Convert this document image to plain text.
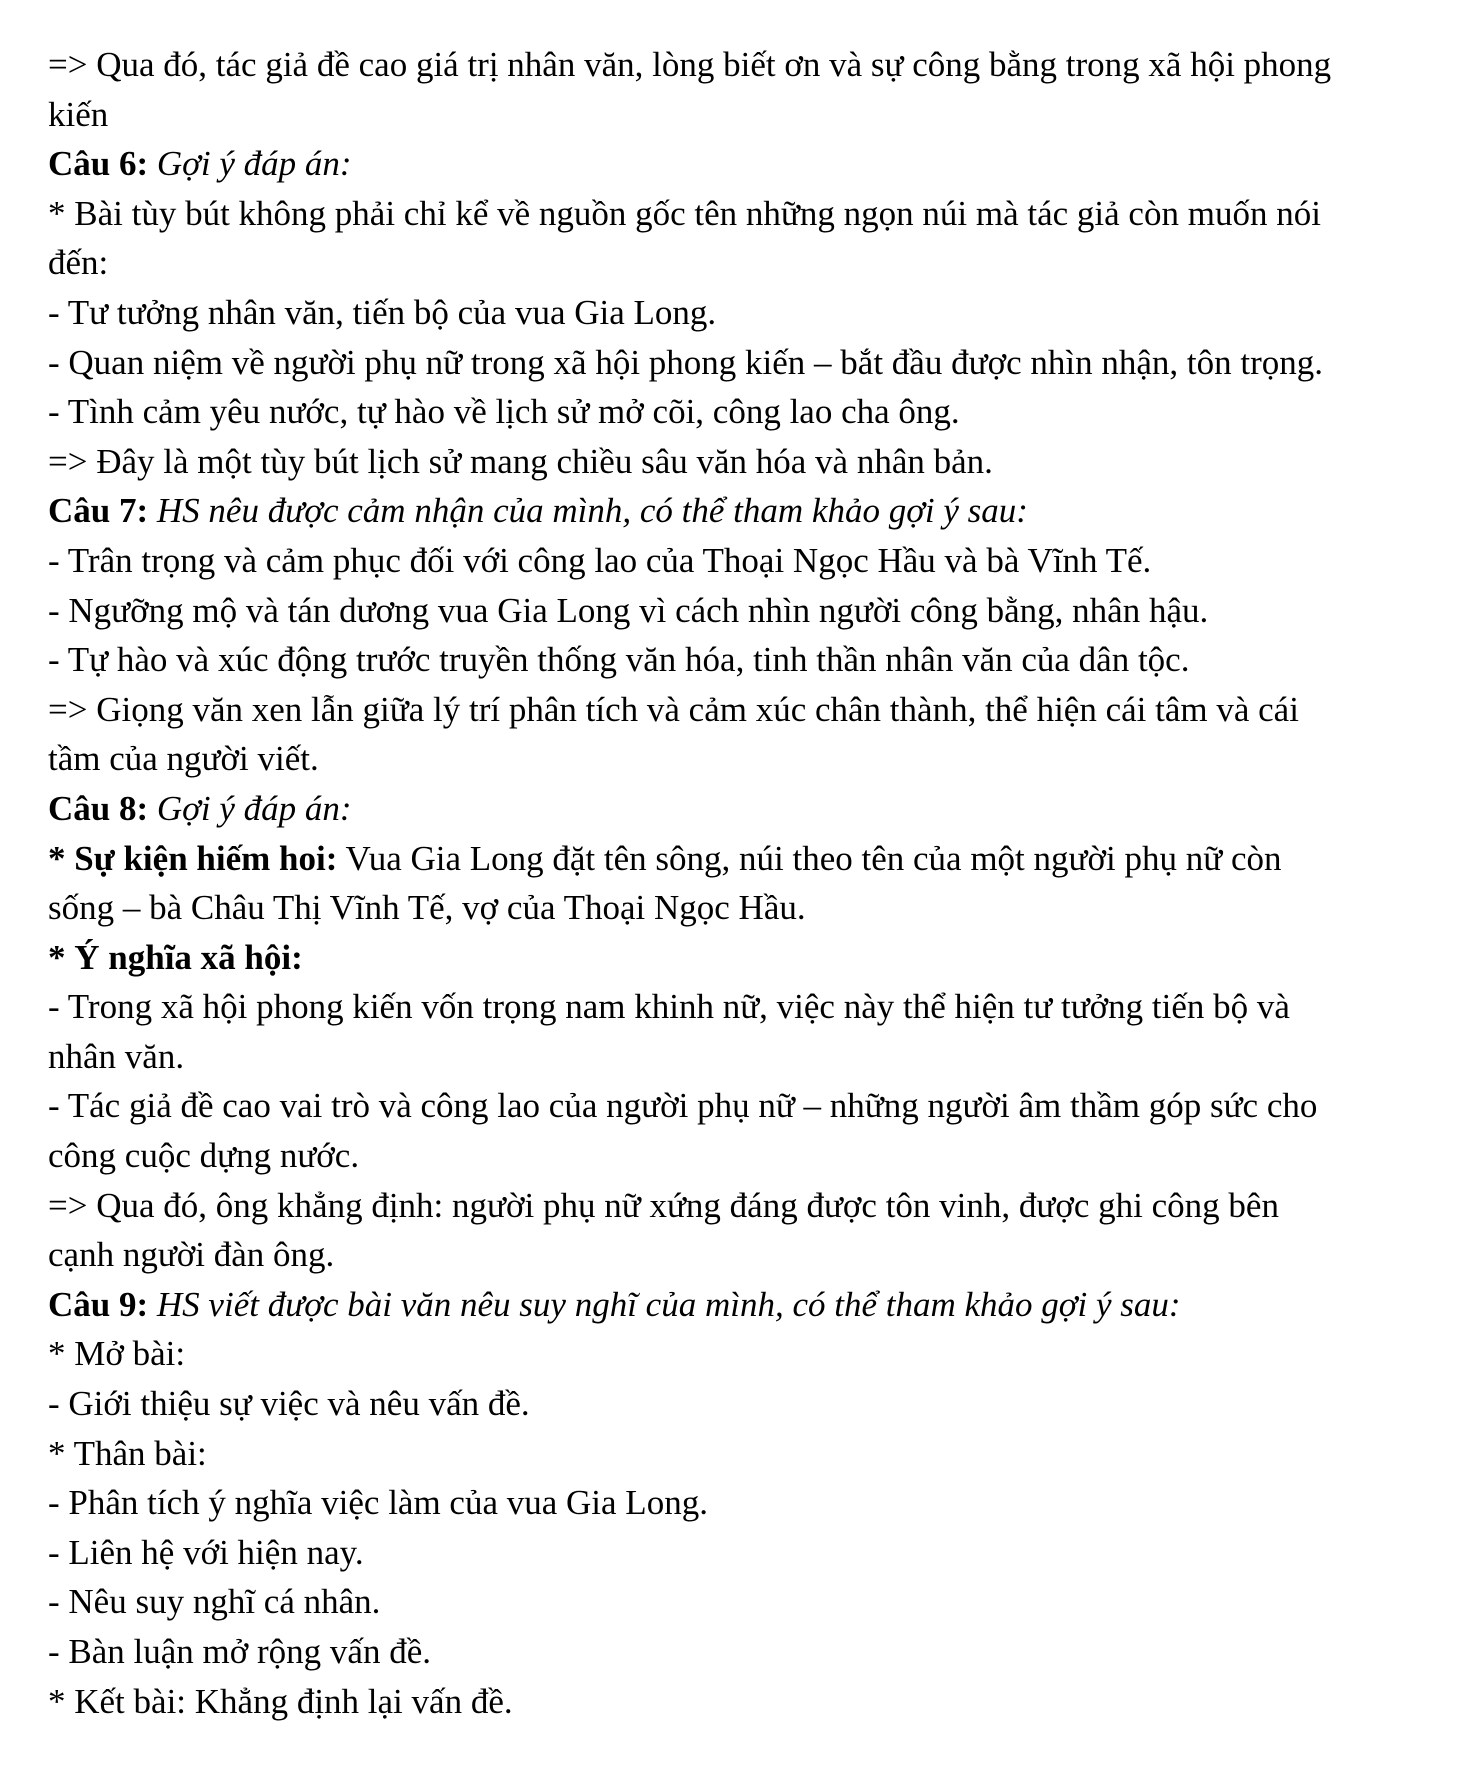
=> Qua đó, tác giả đề cao giá trị nhân văn, lòng biết ơn và sự công bằng trong xã hội phong
kiến
Câu 6: Gợi ý đáp án:
* Bài tùy bút không phải chỉ kể về nguồn gốc tên những ngọn núi mà tác giả còn muốn nói
đến:
- Tư tưởng nhân văn, tiến bộ của vua Gia Long.
- Quan niệm về người phụ nữ trong xã hội phong kiến – bắt đầu được nhìn nhận, tôn trọng.
- Tình cảm yêu nước, tự hào về lịch sử mở cõi, công lao cha ông.
=> Đây là một tùy bút lịch sử mang chiều sâu văn hóa và nhân bản.
Câu 7: HS nêu được cảm nhận của mình, có thể tham khảo gợi ý sau:
- Trân trọng và cảm phục đối với công lao của Thoại Ngọc Hầu và bà Vĩnh Tế.
- Ngưỡng mộ và tán dương vua Gia Long vì cách nhìn người công bằng, nhân hậu.
- Tự hào và xúc động trước truyền thống văn hóa, tinh thần nhân văn của dân tộc.
=> Giọng văn xen lẫn giữa lý trí phân tích và cảm xúc chân thành, thể hiện cái tâm và cái
tầm của người viết.
Câu 8: Gợi ý đáp án:
* Sự kiện hiếm hoi: Vua Gia Long đặt tên sông, núi theo tên của một người phụ nữ còn
sống – bà Châu Thị Vĩnh Tế, vợ của Thoại Ngọc Hầu.
* Ý nghĩa xã hội:
- Trong xã hội phong kiến vốn trọng nam khinh nữ, việc này thể hiện tư tưởng tiến bộ và
nhân văn.
- Tác giả đề cao vai trò và công lao của người phụ nữ – những người âm thầm góp sức cho
công cuộc dựng nước.
=> Qua đó, ông khẳng định: người phụ nữ xứng đáng được tôn vinh, được ghi công bên
cạnh người đàn ông.
Câu 9: HS viết được bài văn nêu suy nghĩ của mình, có thể tham khảo gợi ý sau:
* Mở bài:
- Giới thiệu sự việc và nêu vấn đề.
* Thân bài:
- Phân tích ý nghĩa việc làm của vua Gia Long.
- Liên hệ với hiện nay.
- Nêu suy nghĩ cá nhân.
- Bàn luận mở rộng vấn đề.
* Kết bài: Khẳng định lại vấn đề.
